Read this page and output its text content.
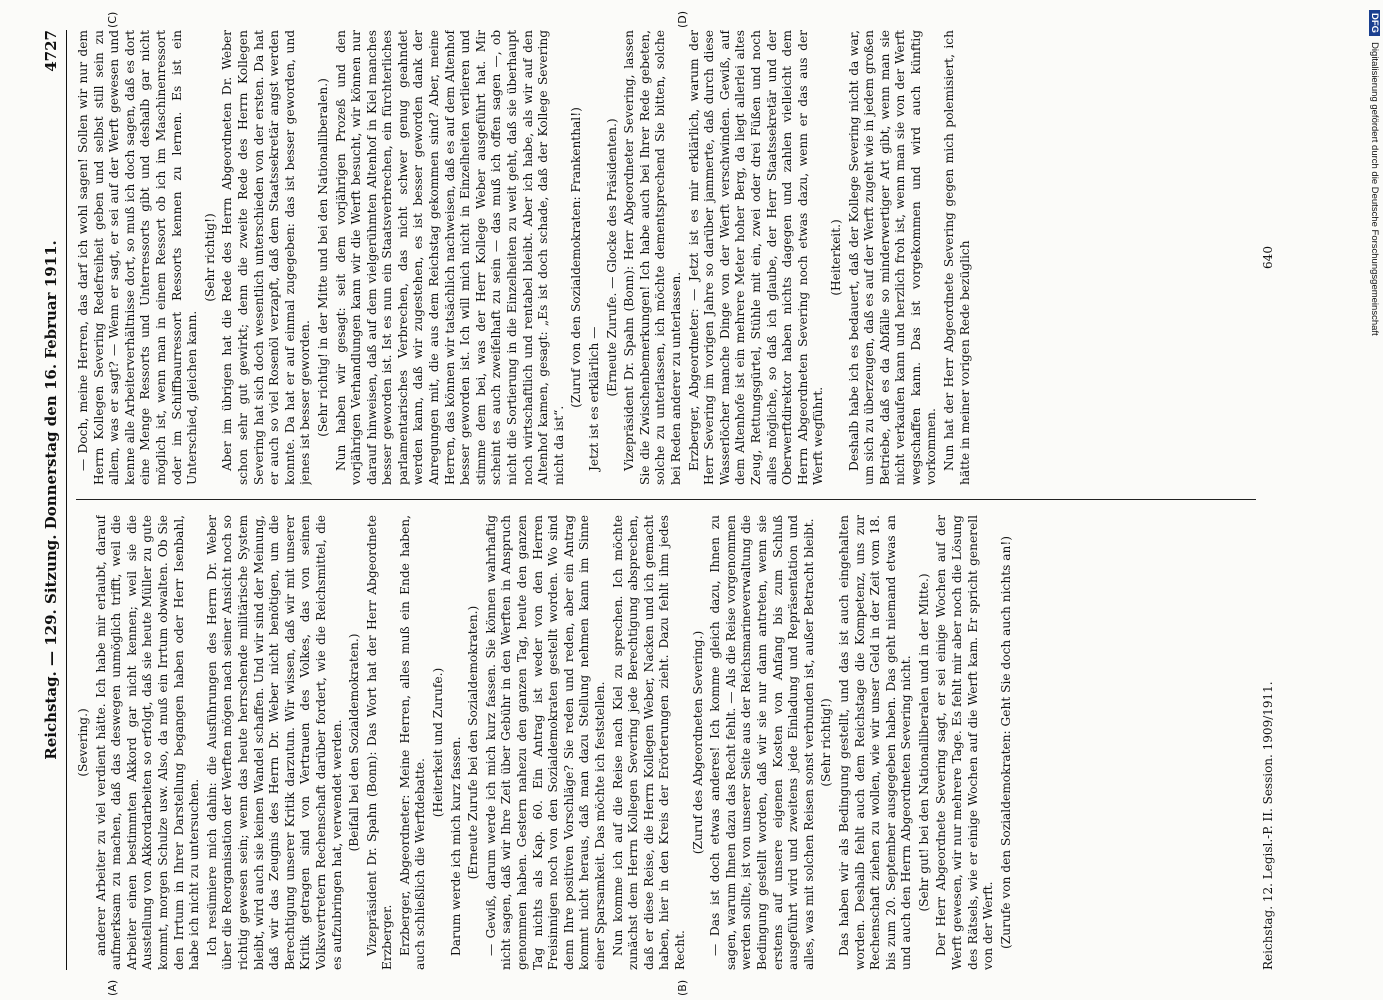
Reichstag. — 129. Sitzung. Donnerstag den 16. Februar 1911.
4727

(Severing.) anderer Arbeiter zu viel verdient hätte. Ich habe mir erlaubt, darauf aufmerksam zu machen, daß das deswegen unmöglich trifft, weil die Arbeiter einen bestimmten Akkord gar nicht kennen; weil sie die Ausstellung von Akkordarbeiten so erfolgt, daß sie heute Müller zu gute kommt, morgen Schulze usw. Also, da muß ein Irrtum obwalten. Ob Sie den Irrtum in Ihrer Darstellung begangen haben oder Herr Isenbahl, habe ich nicht zu untersuchen. Ich resümiere mich dahin: die Ausführungen des Herrn Dr. Weber über die Reorganisation der Werften mögen nach seiner Ansicht noch so richtig gewesen sein; wenn das heute herrschende militärische System bleibt, wird auch sie keinen Wandel schaffen. Und wir sind der Meinung, daß wir das Zeugnis des Herrn Dr. Weber nicht benötigen, um die Berechtigung unserer Kritik darzutun. Wir wissen, daß wir mit unserer Kritik getragen sind von Vertrauen des Volkes, das von seinen Volksvertretern Rechenschaft darüber fordert, wie die Reichsmittel, die es aufzubringen hat, verwendet werden. (Beifall bei den Sozialdemokraten.) Vizepräsident Dr. Spahn (Bonn): Das Wort hat der Herr Abgeordnete Erzberger. Erzberger, Abgeordneter: Meine Herren, alles muß ein Ende haben, auch schließlich die Werftdebatte.

(Heiterkeit und Zurufe.) Darum werde ich mich kurz fassen. (Erneute Zurufe bei den Sozialdemokraten.) — Gewiß, darum werde ich mich kurz fassen. Sie können wahrhaftig nicht sagen, daß wir Ihre Zeit über Gebühr in den Werften in Anspruch genommen haben. Gestern nahezu den ganzen Tag, heute den ganzen Tag nichts als Kap. 60. Ein Antrag ist weder von den Herren Freisinnigen noch von den Sozialdemokraten gestellt worden. Wo sind denn Ihre positiven Vorschläge? Sie reden und reden, aber ein Antrag kommt nicht heraus, daß man dazu Stellung nehmen kann im Sinne einer Sparsamkeit. Das möchte ich feststellen. Nun komme ich auf die Reise nach Kiel zu sprechen. Ich möchte zunächst dem Herrn Kollegen Severing jede Berechtigung absprechen, daß er diese Reise, die Herrn Kollegen Weber, Nacken und ich gemacht haben, hier in den Kreis der Erörterungen zieht. Dazu fehlt ihm jedes Recht.

(Zuruf des Abgeordneten Severing.) — Das ist doch etwas anderes! Ich komme gleich dazu, Ihnen zu sagen, warum Ihnen dazu das Recht fehlt. — Als die Reise vorgenommen werden sollte, ist von unserer Seite aus der Reichsmarineverwaltung die Bedingung gestellt worden, daß wir sie nur dann antreten, wenn sie erstens auf unsere eigenen Kosten von Anfang bis zum Schluß ausgeführt wird und zweitens jede Einladung und Repräsentation und alles, was mit solchen Reisen sonst verbunden ist, außer Betracht bleibt. (Sehr richtig!) Das haben wir als Bedingung gestellt, und das ist auch eingehalten worden. Deshalb fehlt auch dem Reichstage die Kompetenz, uns zur Rechenschaft ziehen zu wollen, wie wir unser Geld in der Zeit vom 18. bis zum 20. September ausgegeben haben. Das geht niemand etwas an und auch den Herrn Abgeordneten Severing nicht. (Sehr gut! bei den Nationalliberalen und in der Mitte.) Der Herr Abgeordnete Severing sagt, er sei einige Wochen auf der Werft gewesen, wir nur mehrere Tage. Es fehlt mir aber noch die Lösung des Rätsels, wie er einige Wochen auf die Werft kam. Er spricht generell von der Werft. (Zurufe von den Sozialdemokraten: Geht Sie doch auch nichts an!)

— Doch, meine Herren, das darf ich wohl sagen! Sollen wir nur dem Herrn Kollegen Severing Redefreiheit geben und selbst still sein zu allem, was er sagt? — Wenn er sagt, er sei auf der Werft gewesen und kenne alle Arbeiterverhältnisse dort, so muß ich doch sagen, daß es dort eine Menge Ressorts und Unterressorts gibt und deshalb gar nicht möglich ist, wenn man in einem Ressort ob ich im Maschinenressort oder im Schiffbaurressort Ressorts kennen zu lernen. Es ist ein Unterschied, gleichen kann.

(Sehr richtig!) Aber im übrigen hat die Rede des Herrn Abgeordneten Dr. Weber schon sehr gut gewirkt; denn die zweite Rede des Herrn Kollegen Severing hat sich doch wesentlich unterschieden von der ersten. Da hat er auch so viel Rosenöl verzapft, daß dem Staatssekretär angst werden konnte. Da hat er auf einmal zugegeben: das ist besser geworden, und jenes ist besser geworden. (Sehr richtig! in der Mitte und bei den Nationalliberalen.) Nun haben wir gesagt: seit dem vorjährigen Prozeß und den vorjährigen Verhandlungen kann wir die Werft besucht, wir können nur darauf hinweisen, daß auf dem vielgerühmten Altenhof in Kiel manches besser geworden ist. Ist es nun ein Staatsverbrechen, ein fürchterliches parlamentarisches Verbrechen, das nicht schwer genug geahndet werden kann, daß wir zugestehen, es ist besser geworden dank der Anregungen mit, die aus dem Reichstag gekommen sind? Aber, meine Herren, das können wir tatsächlich nachweisen, daß es auf dem Altenhof besser geworden ist. Ich will mich nicht in Einzelheiten verlieren und stimme dem bei, was der Herr Kollege Weber ausgeführt hat. Mir scheint es auch zweifelhaft zu sein — das muß ich offen sagen —, ob nicht die Sortierung in die Einzelheiten zu weit geht, daß sie überhaupt noch wirtschaftlich und rentabel bleibt. Aber ich habe, als wir auf den Altenhof kamen, gesagt: „Es ist doch schade, daß der Kollege Severing nicht da ist“.

(Zuruf von den Sozialdemokraten: Frankenthal!) Jetzt ist es erklärlich —

(Erneute Zurufe. — Glocke des Präsidenten.) Vizepräsident Dr. Spahn (Bonn): Herr Abgeordneter Severing, lassen Sie die Zwischenbemerkungen! Ich habe auch bei Ihrer Rede gebeten, solche zu unterlassen, ich möchte dementsprechend Sie bitten, solche bei Reden anderer zu unterlassen. Erzberger, Abgeordneter: — Jetzt ist es mir erklärlich, warum der Herr Severing im vorigen Jahre so darüber jammerte, daß durch diese Wasserlöcher manche Dinge von der Werft verschwinden. Gewiß, auf dem Altenhofe ist ein mehrere Meter hoher Berg, da liegt allerlei altes Zeug, Rettungsgürtel, Stühle mit ein, zwei oder drei Füßen und noch alles mögliche, so daß ich glaube, der Herr Staatssekretär und der Oberwerftdirektor haben nichts dagegen und zahlen vielleicht dem Herrn Abgeordneten Severing noch etwas dazu, wenn er das aus der Werft wegführt.

(Heiterkeit.) Deshalb habe ich es bedauert, daß der Kollege Severing nicht da war, um sich zu überzeugen, daß es auf der Werft zugeht wie in jedem großen Betriebe, daß es da Abfälle so minderwertiger Art gibt, wenn man sie nicht verkaufen kann und herzlich froh ist, wenn man sie von der Werft wegschaffen kann. Das ist vorgekommen und wird auch künftig vorkommen. Nun hat der Herr Abgeordnete Severing gegen mich polemisiert, ich hätte in meiner vorigen Rede bezüglich

(A)	(B)
(C)	(D)
Reichstag. 12. Legisl.-P. II. Session. 1909/1911.
640
DFGDigitalisierung gefördert durch die Deutsche Forschungsgemeinschaft
